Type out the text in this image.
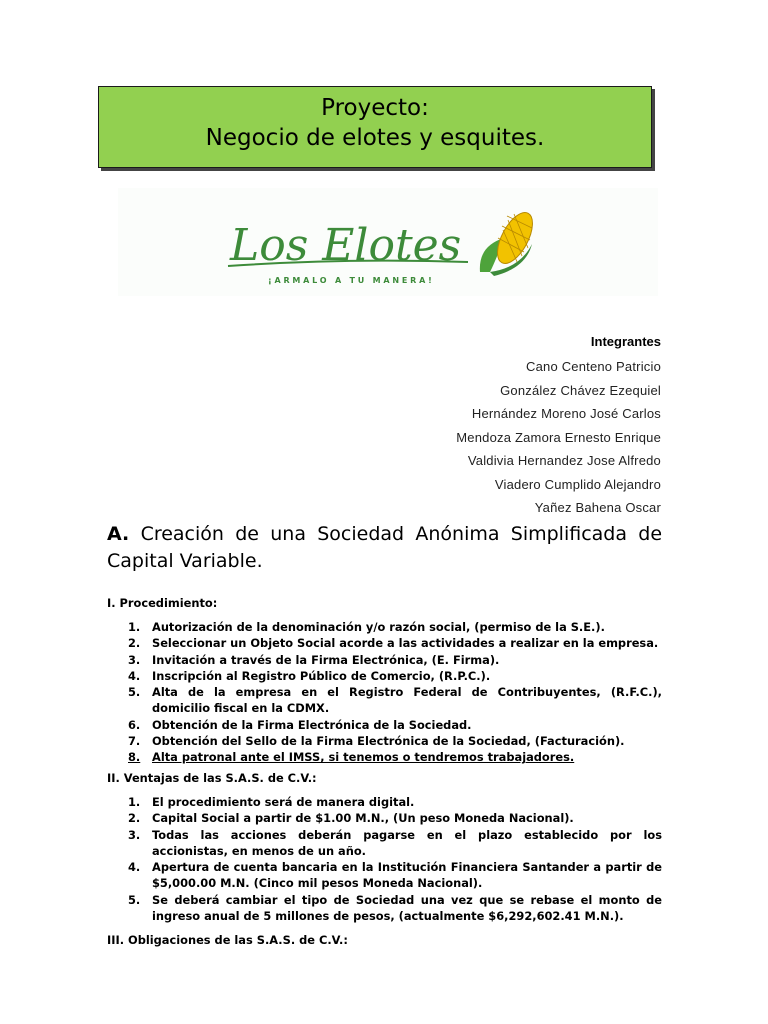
Proyecto:
Negocio de elotes y esquites.
Los Elotes
¡ARMALO A TU MANERA!
Integrantes
Cano Centeno Patricio
González Chávez Ezequiel
Hernández Moreno José Carlos
Mendoza Zamora Ernesto Enrique
Valdivia Hernandez Jose Alfredo
Viadero Cumplido Alejandro
Yañez Bahena Oscar
A. Creación de una Sociedad Anónima Simplificada de Capital Variable.
I. Procedimiento:
1.	Autorización de la denominación y/o razón social, (permiso de la S.E.).
2.	Seleccionar un Objeto Social acorde a las actividades a realizar en la empresa.
3.	Invitación a través de la Firma Electrónica, (E. Firma).
4.	Inscripción al Registro Público de Comercio, (R.P.C.).
5.	Alta de la empresa en el Registro Federal de Contribuyentes, (R.F.C.), domicilio fiscal en la CDMX.
6.	Obtención de la Firma Electrónica de la Sociedad.
7.	Obtención del Sello de la Firma Electrónica de la Sociedad, (Facturación).
8.	Alta patronal ante el IMSS, si tenemos o tendremos trabajadores.
II. Ventajas de las S.A.S. de C.V.:
1.	El procedimiento será de manera digital.
2.	Capital Social a partir de $1.00 M.N., (Un peso Moneda Nacional).
3.	Todas las acciones deberán pagarse en el plazo establecido por los accionistas, en menos de un año.
4.	Apertura de cuenta bancaria en la Institución Financiera Santander a partir de $5,000.00 M.N. (Cinco mil pesos Moneda Nacional).
5.	Se deberá cambiar el tipo de Sociedad una vez que se rebase el monto de ingreso anual de 5 millones de pesos, (actualmente $6,292,602.41 M.N.).
III. Obligaciones de las S.A.S. de C.V.:
